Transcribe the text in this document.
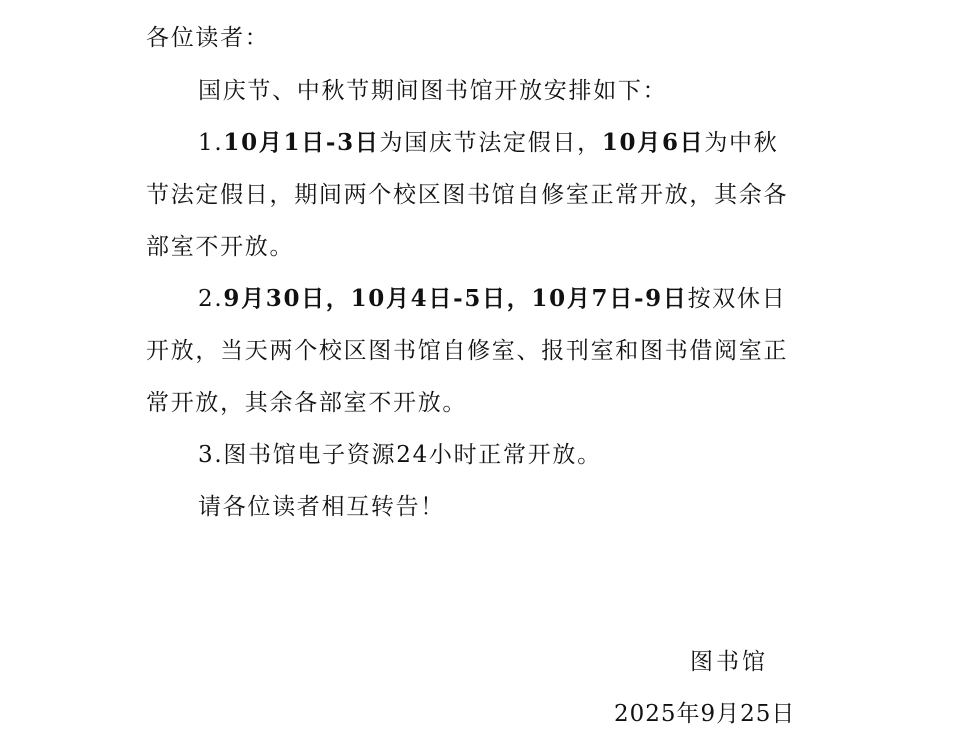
各位读者：
国庆节、中秋节期间图书馆开放安排如下：
1.10月1日-3日为国庆节法定假日，10月6日为中秋
节法定假日，期间两个校区图书馆自修室正常开放，其余各
部室不开放。
2.9月30日，10月4日-5日，10月7日-9日按双休日
开放，当天两个校区图书馆自修室、报刊室和图书借阅室正
常开放，其余各部室不开放。
3.图书馆电子资源24小时正常开放。
请各位读者相互转告！
图书馆
2025年9月25日
